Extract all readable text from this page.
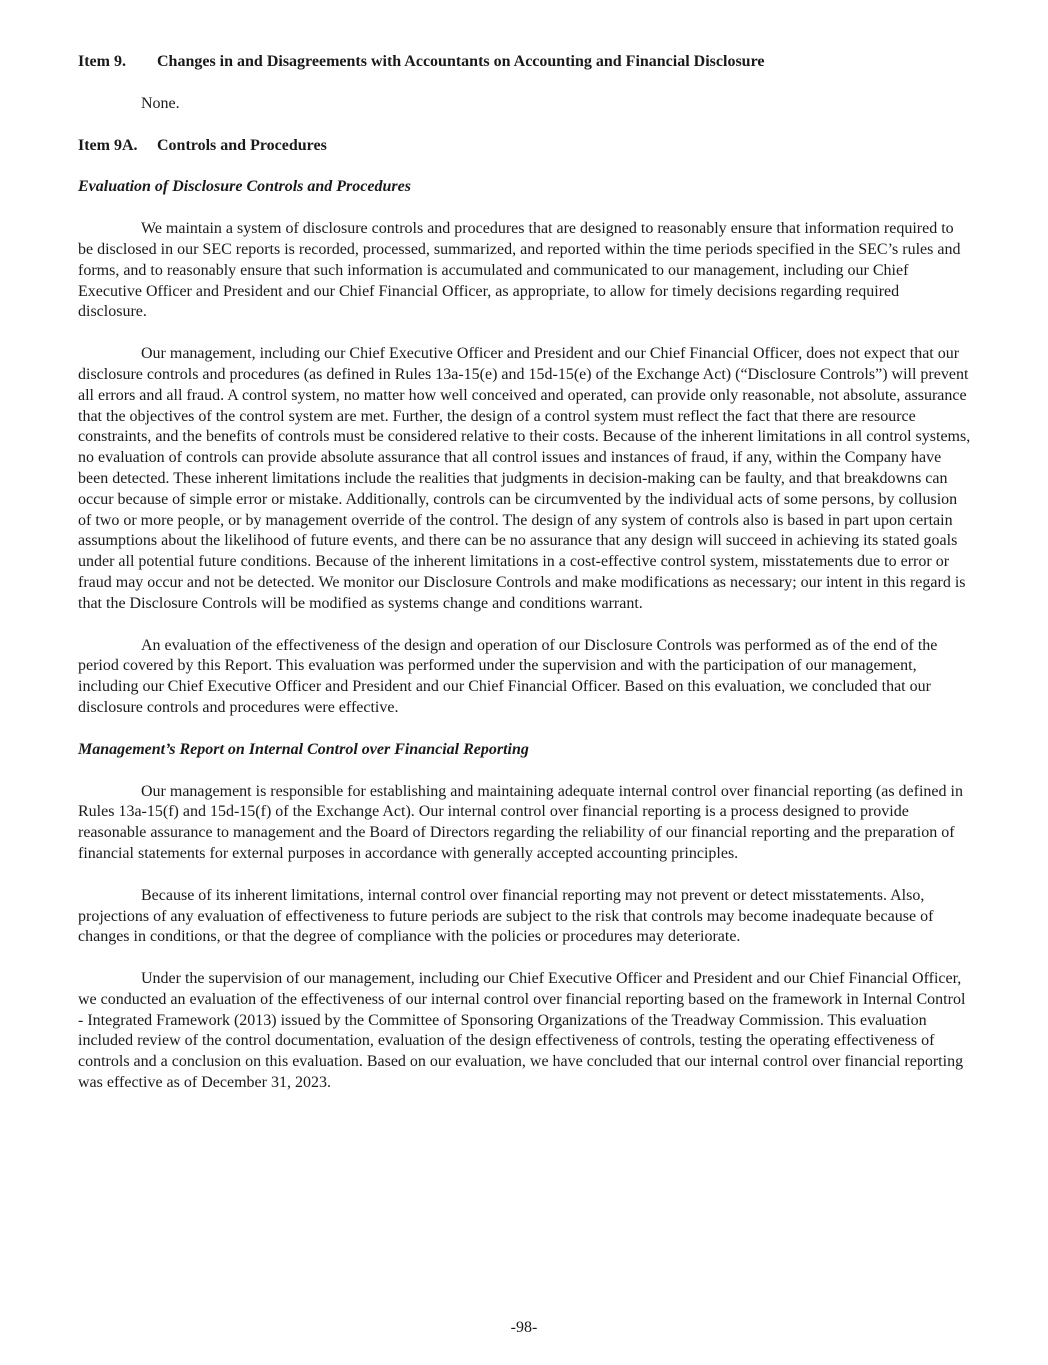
Item 9. Changes in and Disagreements with Accountants on Accounting and Financial Disclosure
None.
Item 9A. Controls and Procedures
Evaluation of Disclosure Controls and Procedures

We maintain a system of disclosure controls and procedures that are designed to reasonably ensure that information required to be disclosed in our SEC reports is recorded, processed, summarized, and reported within the time periods specified in the SEC’s rules and forms, and to reasonably ensure that such information is accumulated and communicated to our management, including our Chief Executive Officer and President and our Chief Financial Officer, as appropriate, to allow for timely decisions regarding required disclosure.

Our management, including our Chief Executive Officer and President and our Chief Financial Officer, does not expect that our disclosure controls and procedures (as defined in Rules 13a-15(e) and 15d-15(e) of the Exchange Act) (“Disclosure Controls”) will prevent all errors and all fraud. A control system, no matter how well conceived and operated, can provide only reasonable, not absolute, assurance that the objectives of the control system are met. Further, the design of a control system must reflect the fact that there are resource constraints, and the benefits of controls must be considered relative to their costs. Because of the inherent limitations in all control systems, no evaluation of controls can provide absolute assurance that all control issues and instances of fraud, if any, within the Company have been detected. These inherent limitations include the realities that judgments in decision-making can be faulty, and that breakdowns can occur because of simple error or mistake. Additionally, controls can be circumvented by the individual acts of some persons, by collusion of two or more people, or by management override of the control. The design of any system of controls also is based in part upon certain assumptions about the likelihood of future events, and there can be no assurance that any design will succeed in achieving its stated goals under all potential future conditions. Because of the inherent limitations in a cost-effective control system, misstatements due to error or fraud may occur and not be detected. We monitor our Disclosure Controls and make modifications as necessary; our intent in this regard is that the Disclosure Controls will be modified as systems change and conditions warrant.

An evaluation of the effectiveness of the design and operation of our Disclosure Controls was performed as of the end of the period covered by this Report. This evaluation was performed under the supervision and with the participation of our management, including our Chief Executive Officer and President and our Chief Financial Officer. Based on this evaluation, we concluded that our disclosure controls and procedures were effective.

Management’s Report on Internal Control over Financial Reporting

Our management is responsible for establishing and maintaining adequate internal control over financial reporting (as defined in Rules 13a-15(f) and 15d-15(f) of the Exchange Act). Our internal control over financial reporting is a process designed to provide reasonable assurance to management and the Board of Directors regarding the reliability of our financial reporting and the preparation of financial statements for external purposes in accordance with generally accepted accounting principles.

Because of its inherent limitations, internal control over financial reporting may not prevent or detect misstatements. Also, projections of any evaluation of effectiveness to future periods are subject to the risk that controls may become inadequate because of changes in conditions, or that the degree of compliance with the policies or procedures may deteriorate.

Under the supervision of our management, including our Chief Executive Officer and President and our Chief Financial Officer, we conducted an evaluation of the effectiveness of our internal control over financial reporting based on the framework in Internal Control - Integrated Framework (2013) issued by the Committee of Sponsoring Organizations of the Treadway Commission. This evaluation included review of the control documentation, evaluation of the design effectiveness of controls, testing the operating effectiveness of controls and a conclusion on this evaluation. Based on our evaluation, we have concluded that our internal control over financial reporting was effective as of December 31, 2023.

-98-
